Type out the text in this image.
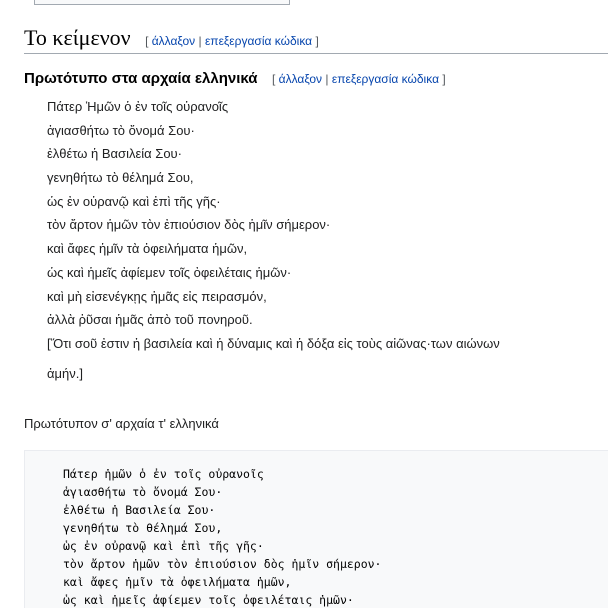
Το κείμενον [ άλλαξον | επεξεργασία κώδικα ]
Πρωτότυπο στα αρχαία ελληνικά [ άλλαξον | επεξεργασία κώδικα ]
Πάτερ Ἡμῶν ὁ ἐν τοῖς οὐρανοῖς
ἁγιασθήτω τὸ ὄνομά Σου·
ἐλθέτω ἡ Βασιλεία Σου·
γενηθήτω τὸ θέλημά Σου,
ὡς ἐν οὐρανῷ καὶ ἐπὶ τῆς γῆς·
τὸν ἄρτον ἡμῶν τὸν ἐπιούσιον δὸς ἡμῖν σήμερον·
καὶ ἄφες ἡμῖν τὰ ὀφειλήματα ἡμῶν,
ὡς καὶ ἡμεῖς ἀφίεμεν τοῖς ὀφειλέταις ἡμῶν·
καὶ μὴ εἰσενέγκῃς ἡμᾶς εἰς πειρασμόν,
ἀλλὰ ῥῦσαι ἡμᾶς ἀπὸ τοῦ πονηροῦ.
[Ὅτι σοῦ ἐστιν ἡ βασιλεία καὶ ἡ δύναμις καὶ ἡ δόξα εἰς τοὺς αἰῶνας·των αιώνων
ἀμήν.]
Πρωτότυπον σ' αρχαία τ' ελληνικά
Πάτερ ἡμῶν ὁ ἐν τοῖς οὐρανοῖς
ἁγιασθήτω τὸ ὄνομά Σου·
ἐλθέτω ἡ Βασιλεία Σου·
γενηθήτω τὸ θέλημά Σου,
ὡς ἐν οὐρανῷ καὶ ἐπὶ τῆς γῆς·
τὸν ἄρτον ἡμῶν τὸν ἐπιούσιον δὸς ἡμῖν σήμερον·
καὶ ἄφες ἡμῖν τὰ ὀφειλήματα ἡμῶν,
ὡς καὶ ἡμεῖς ἀφίεμεν τοῖς ὀφειλέταις ἡμῶν·
